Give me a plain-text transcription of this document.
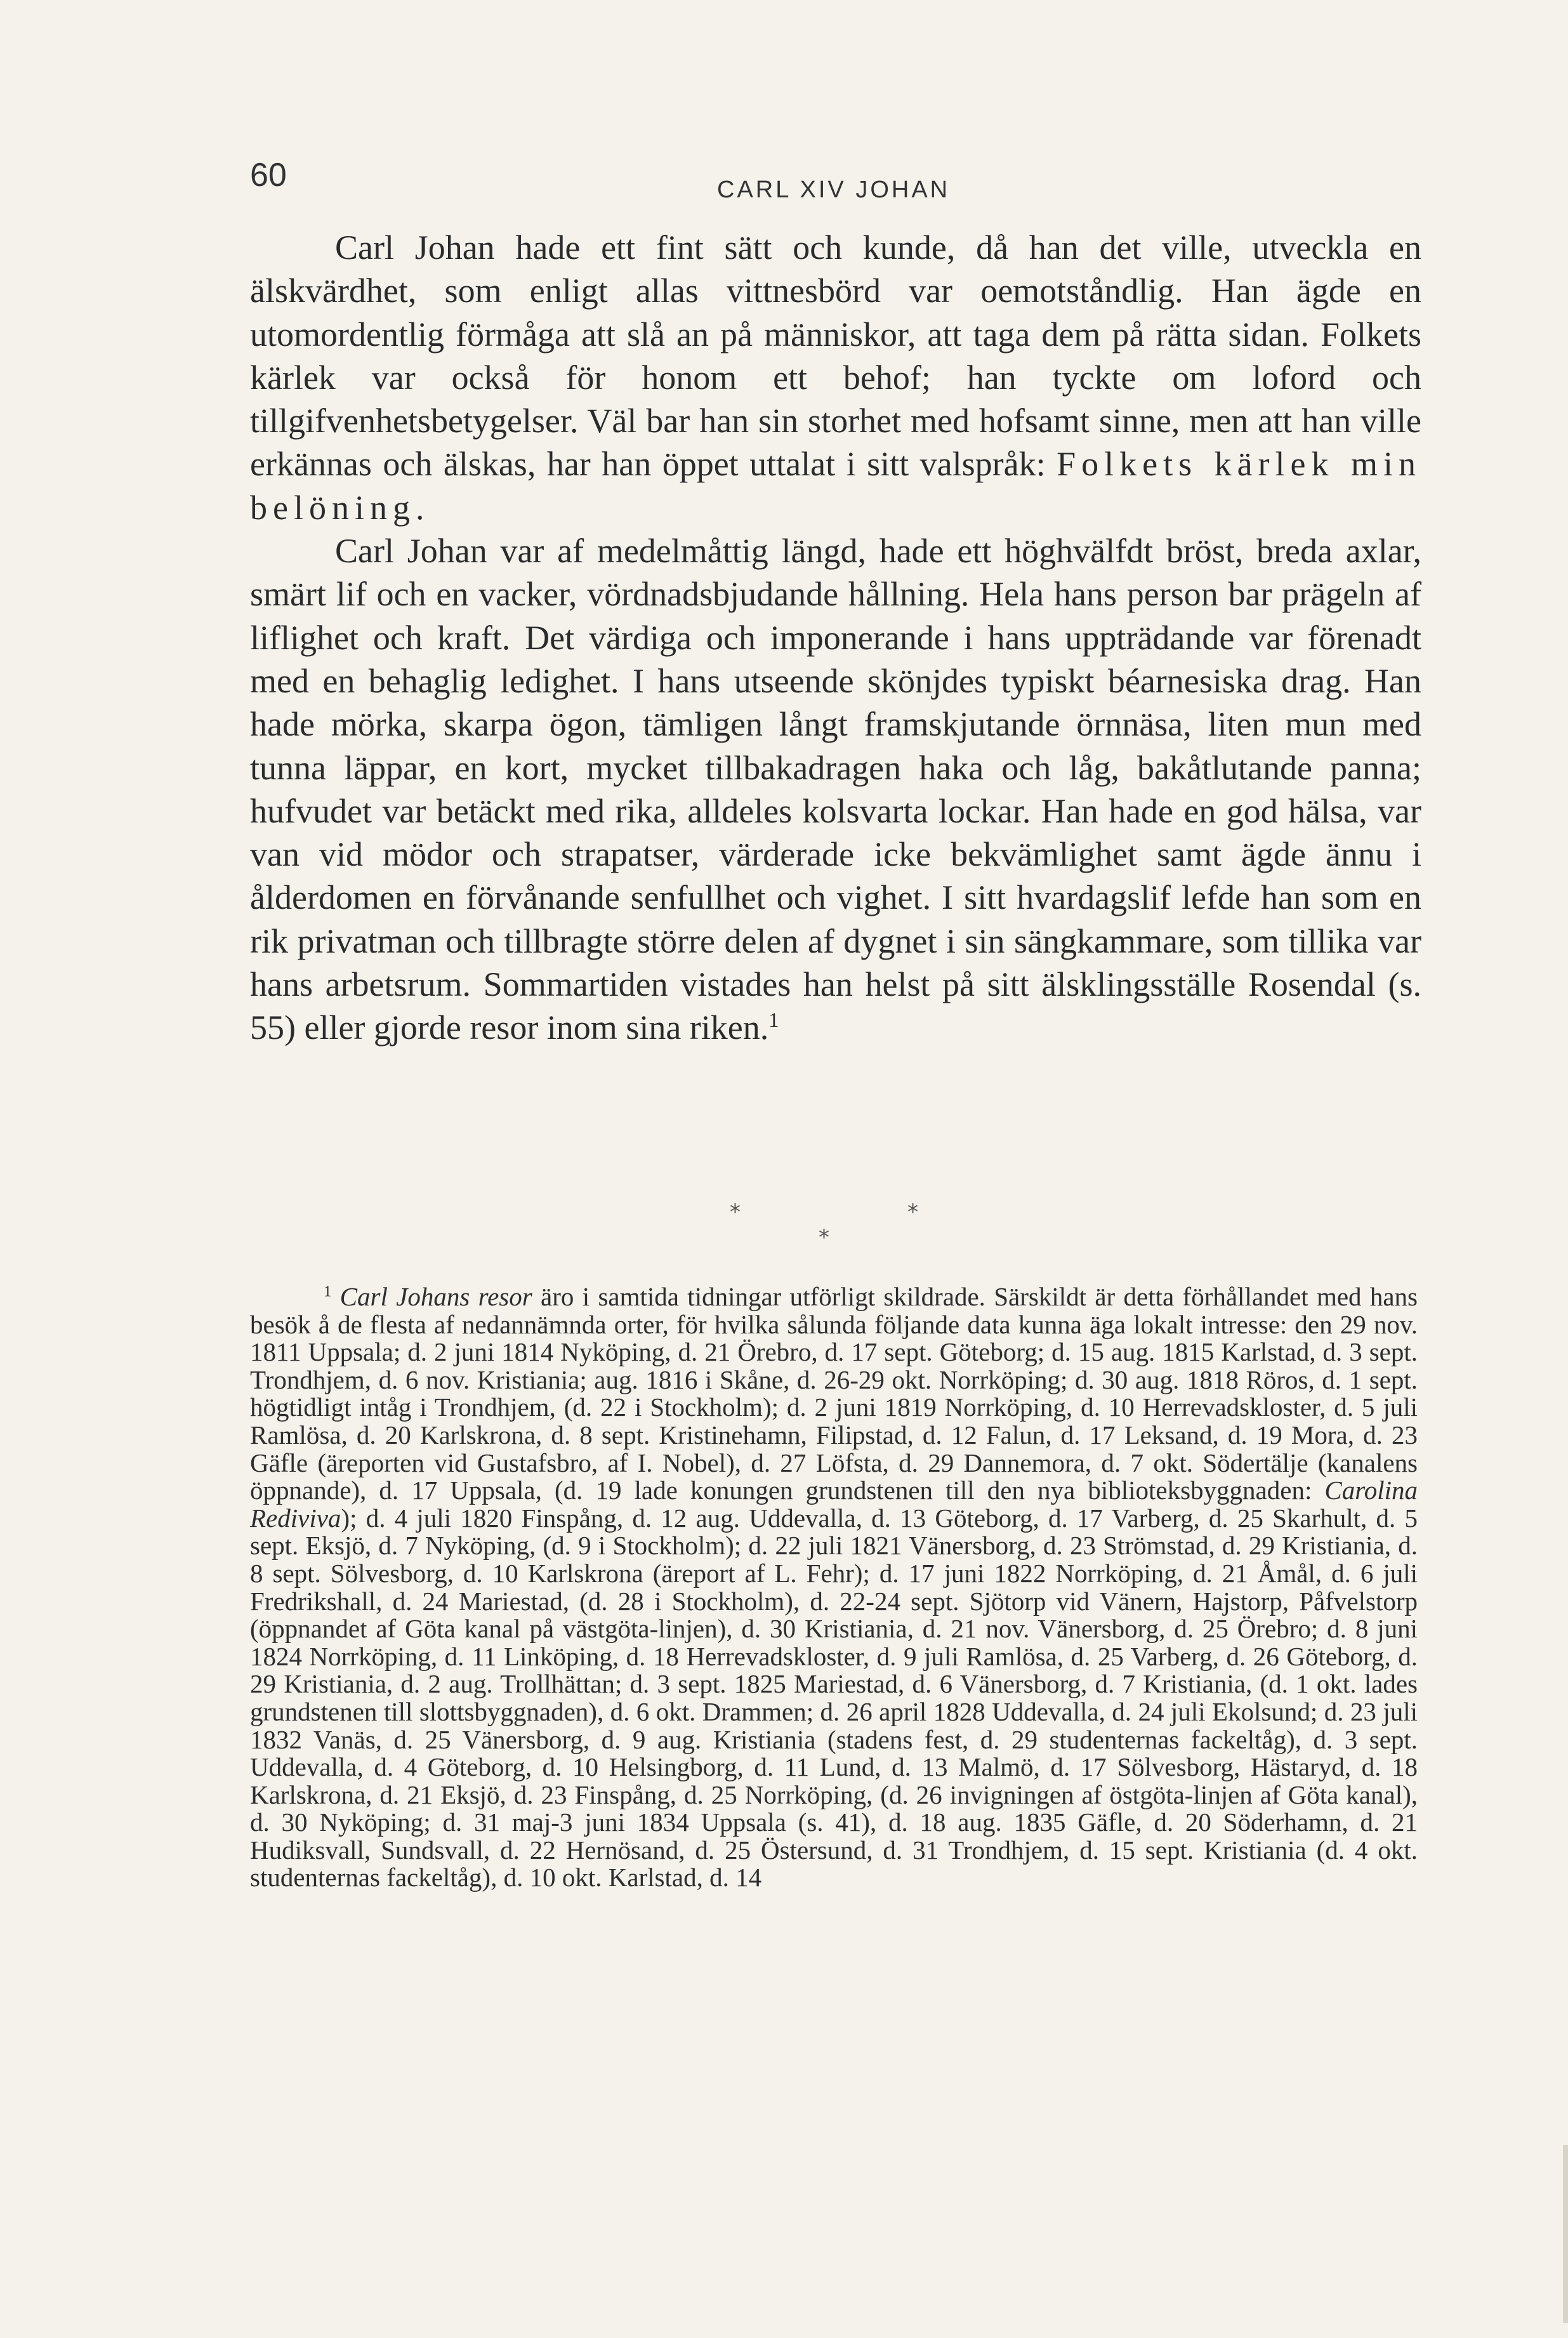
60	CARL XIV JOHAN

Carl Johan hade ett fint sätt och kunde, då han det ville, utveckla en älskvärdhet, som enligt allas vittnesbörd var oemotståndlig. Han ägde en utomordentlig förmåga att slå an på människor, att taga dem på rätta sidan. Folkets kärlek var också för honom ett behof; han tyckte om loford och tillgifvenhetsbetygelser. Väl bar han sin storhet med hofsamt sinne, men att han ville erkännas och älskas, har han öppet uttalat i sitt valspråk: Folkets kärlek min belöning.

Carl Johan var af medelmåttig längd, hade ett höghvälfdt bröst, breda axlar, smärt lif och en vacker, vördnadsbjudande hållning. Hela hans person bar prägeln af liflighet och kraft. Det värdiga och imponerande i hans uppträdande var förenadt med en behaglig ledighet. I hans utseende skönjdes typiskt béarnesiska drag. Han hade mörka, skarpa ögon, tämligen långt framskjutande örnnäsa, liten mun med tunna läppar, en kort, mycket tillbakadragen haka och låg, bakåtlutande panna; hufvudet var betäckt med rika, alldeles kolsvarta lockar. Han hade en god hälsa, var van vid mödor och strapatser, värderade icke bekvämlighet samt ägde ännu i ålderdomen en förvånande senfullhet och vighet. I sitt hvardagslif lefde han som en rik privatman och tillbragte större delen af dygnet i sin sängkammare, som tillika var hans arbetsrum. Sommartiden vistades han helst på sitt älsklingsställe Rosendal (s. 55) eller gjorde resor inom sina riken.$^1$

*	*
*

$^1$ Carl Johans resor äro i samtida tidningar utförligt skildrade. Särskildt är detta förhållandet med hans besök å de flesta af nedannämnda orter, för hvilka sålunda följande data kunna äga lokalt intresse: den 29 nov. 1811 Uppsala; d. 2 juni 1814 Nyköping, d. 21 Örebro, d. 17 sept. Göteborg; d. 15 aug. 1815 Karlstad, d. 3 sept. Trondhjem, d. 6 nov. Kristiania; aug. 1816 i Skåne, d. 26-29 okt. Norrköping; d. 30 aug. 1818 Röros, d. 1 sept. högtidligt intåg i Trondhjem, (d. 22 i Stockholm); d. 2 juni 1819 Norrköping, d. 10 Herrevadskloster, d. 5 juli Ramlösa, d. 20 Karlskrona, d. 8 sept. Kristinehamn, Filipstad, d. 12 Falun, d. 17 Leksand, d. 19 Mora, d. 23 Gäfle (äreporten vid Gustafsbro, af I. Nobel), d. 27 Löfsta, d. 29 Dannemora, d. 7 okt. Södertälje (kanalens öppnande), d. 17 Uppsala, (d. 19 lade konungen grundstenen till den nya biblioteksbyggnaden: Carolina Rediviva); d. 4 juli 1820 Finspång, d. 12 aug. Uddevalla, d. 13 Göteborg, d. 17 Varberg, d. 25 Skarhult, d. 5 sept. Eksjö, d. 7 Nyköping, (d. 9 i Stockholm); d. 22 juli 1821 Vänersborg, d. 23 Strömstad, d. 29 Kristiania, d. 8 sept. Sölvesborg, d. 10 Karlskrona (äreport af L. Fehr); d. 17 juni 1822 Norrköping, d. 21 Åmål, d. 6 juli Fredrikshall, d. 24 Mariestad, (d. 28 i Stockholm), d. 22-24 sept. Sjötorp vid Vänern, Hajstorp, Påfvelstorp (öppnandet af Göta kanal på västgöta-linjen), d. 30 Kristiania, d. 21 nov. Vänersborg, d. 25 Örebro; d. 8 juni 1824 Norrköping, d. 11 Linköping, d. 18 Herrevadskloster, d. 9 juli Ramlösa, d. 25 Varberg, d. 26 Göteborg, d. 29 Kristiania, d. 2 aug. Trollhättan; d. 3 sept. 1825 Mariestad, d. 6 Vänersborg, d. 7 Kristiania, (d. 1 okt. lades grundstenen till slottsbyggnaden), d. 6 okt. Drammen; d. 26 april 1828 Uddevalla, d. 24 juli Ekolsund; d. 23 juli 1832 Vanäs, d. 25 Vänersborg, d. 9 aug. Kristiania (stadens fest, d. 29 studenternas fackeltåg), d. 3 sept. Uddevalla, d. 4 Göteborg, d. 10 Helsingborg, d. 11 Lund, d. 13 Malmö, d. 17 Sölvesborg, Hästaryd, d. 18 Karlskrona, d. 21 Eksjö, d. 23 Finspång, d. 25 Norrköping, (d. 26 invigningen af östgöta-linjen af Göta kanal), d. 30 Nyköping; d. 31 maj-3 juni 1834 Uppsala (s. 41), d. 18 aug. 1835 Gäfle, d. 20 Söderhamn, d. 21 Hudiksvall, Sundsvall, d. 22 Hernösand, d. 25 Östersund, d. 31 Trondhjem, d. 15 sept. Kristiania (d. 4 okt. studenternas fackeltåg), d. 10 okt. Karlstad, d. 14
